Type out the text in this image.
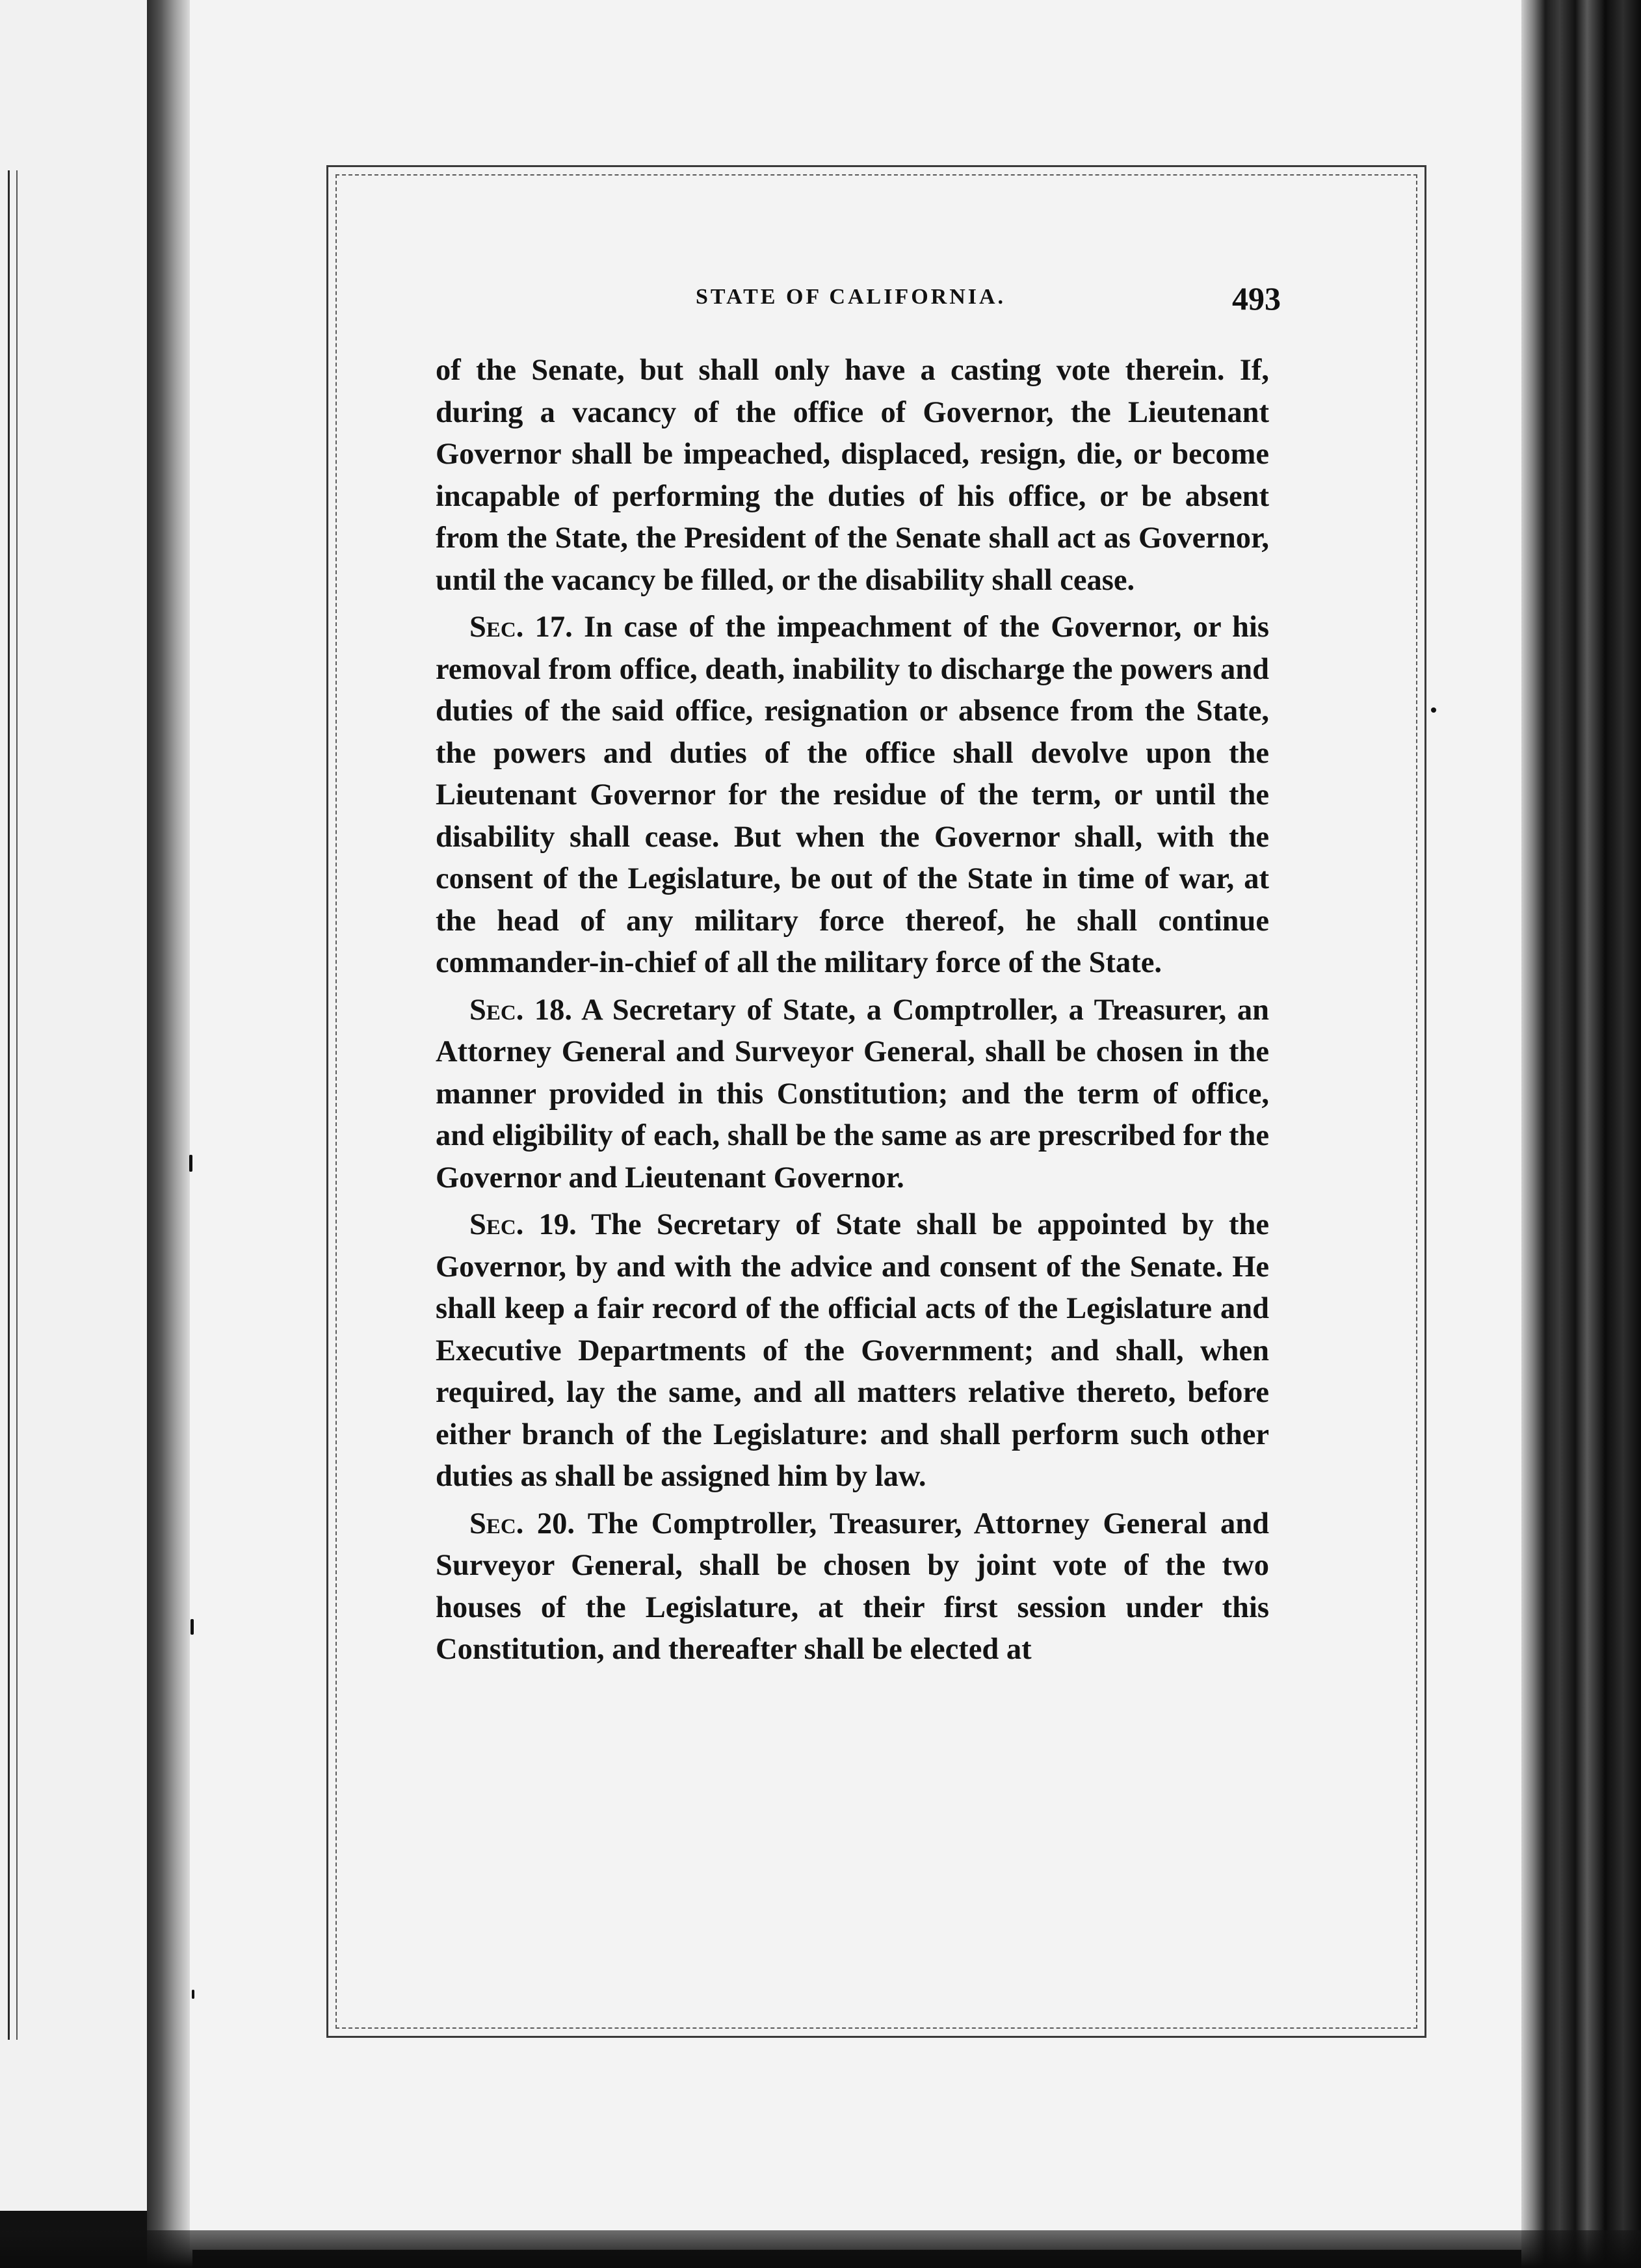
STATE OF CALIFORNIA.	493

of the Senate, but shall only have a casting vote therein. If, during a vacancy of the office of Governor, the Lieutenant Governor shall be impeached, displaced, resign, die, or become incapable of performing the duties of his office, or be absent from the State, the President of the Senate shall act as Governor, until the vacancy be filled, or the disability shall cease.

Sec. 17. In case of the impeachment of the Governor, or his removal from office, death, inability to discharge the powers and duties of the said office, resignation or absence from the State, the powers and duties of the office shall devolve upon the Lieutenant Governor for the residue of the term, or until the disability shall cease. But when the Governor shall, with the consent of the Legislature, be out of the State in time of war, at the head of any military force thereof, he shall continue commander-in-chief of all the military force of the State.

Sec. 18. A Secretary of State, a Comptroller, a Treasurer, an Attorney General and Surveyor General, shall be chosen in the manner provided in this Constitution; and the term of office, and eligibility of each, shall be the same as are prescribed for the Governor and Lieutenant Governor.

Sec. 19. The Secretary of State shall be appointed by the Governor, by and with the advice and consent of the Senate. He shall keep a fair record of the official acts of the Legislature and Executive Departments of the Government; and shall, when required, lay the same, and all matters relative thereto, before either branch of the Legislature: and shall perform such other duties as shall be assigned him by law.

Sec. 20. The Comptroller, Treasurer, Attorney General and Surveyor General, shall be chosen by joint vote of the two houses of the Legislature, at their first session under this Constitution, and thereafter shall be elected at
